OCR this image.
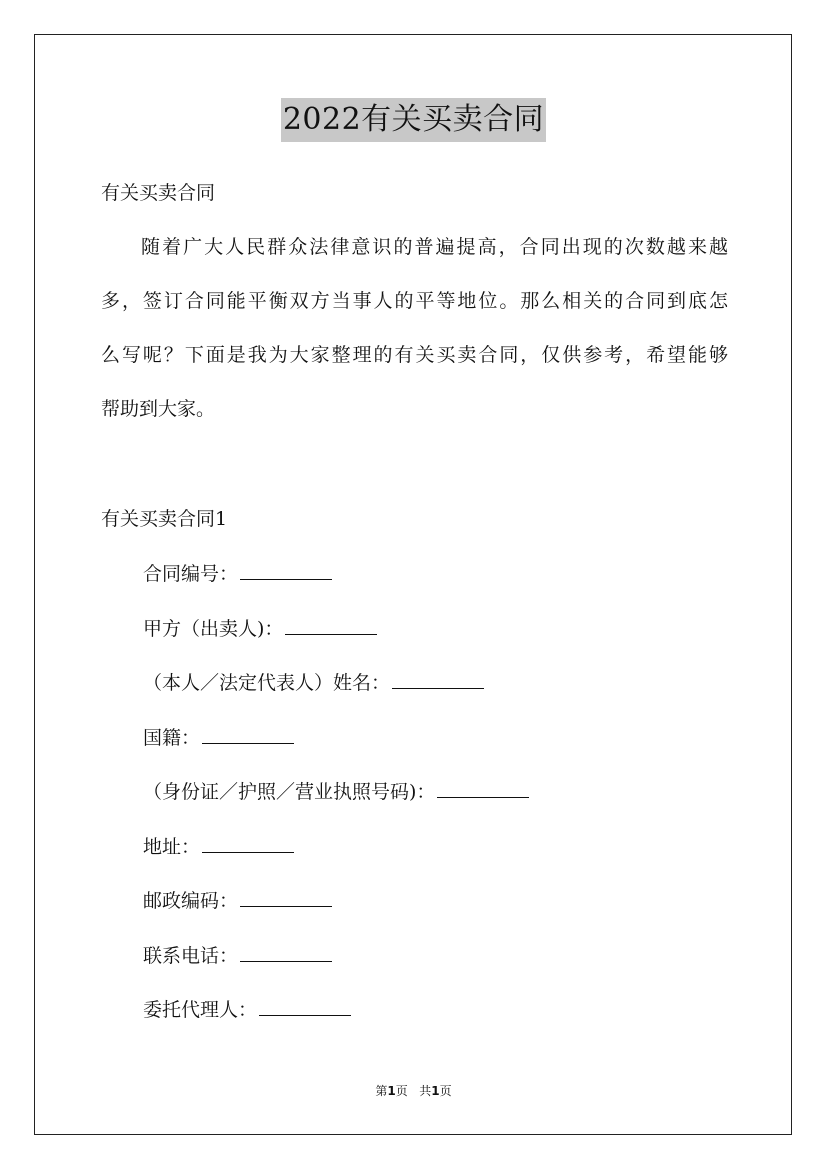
2022有关买卖合同
有关买卖合同
随着广大人民群众法律意识的普遍提高，合同出现的次数越来越
多，签订合同能平衡双方当事人的平等地位。那么相关的合同到底怎
么写呢？下面是我为大家整理的有关买卖合同，仅供参考，希望能够
帮助到大家。
有关买卖合同1
合同编号：
甲方（出卖人)：
（本人／法定代表人）姓名：
国籍：
（身份证／护照／营业执照号码)：
地址：
邮政编码：
联系电话：
委托代理人：
第1页 共1页
